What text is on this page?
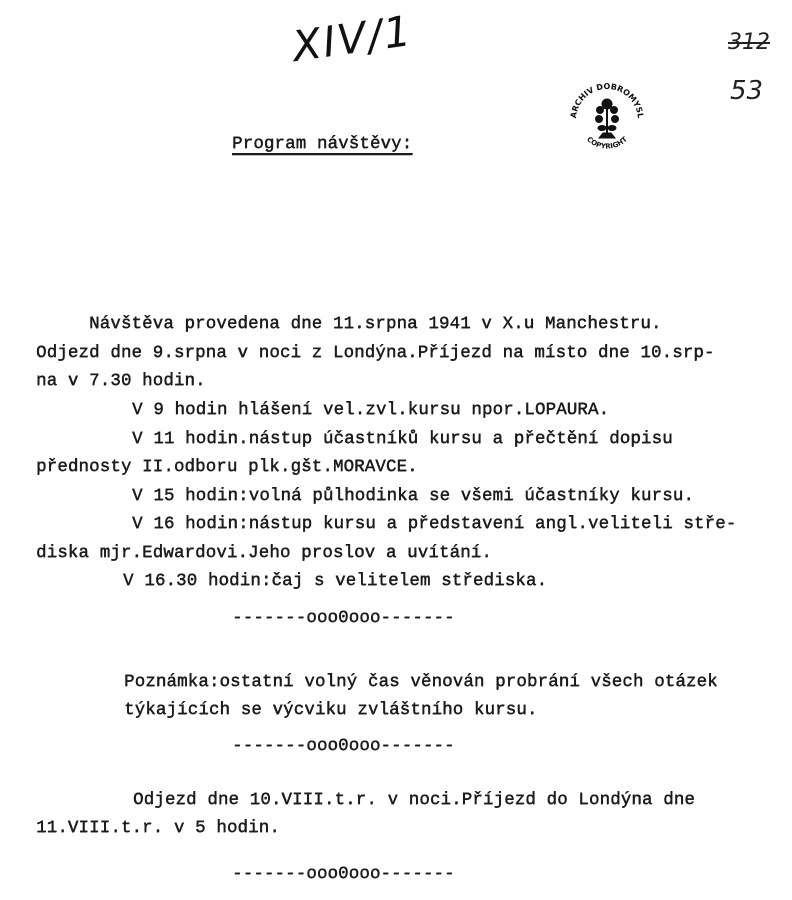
XIV/1	312
53
ARCHIV DOBROMYSL
COPYRIGHT
Program návštěvy:
Návštěva provedena dne 11.srpna 1941 v X.u Manchestru.
Odjezd dne 9.srpna v noci z Londýna.Příjezd na místo dne 10.srp-
na v 7.30 hodin.
V 9 hodin hlášení vel.zvl.kursu npor.LOPAURA.
V 11 hodin.nástup účastníků kursu a přečtění dopisu
přednosty II.odboru plk.gšt.MORAVCE.
V 15 hodin:volná půlhodinka se všemi účastníky kursu.
V 16 hodin:nástup kursu a představení angl.veliteli stře-
diska mjr.Edwardovi.Jeho proslov a uvítání.
V 16.30 hodin:čaj s velitelem střediska.
-------ooo0ooo-------
Poznámka:ostatní volný čas věnován probrání všech otázek
týkajících se výcviku zvláštního kursu.
-------ooo0ooo-------
Odjezd dne 10.VIII.t.r. v noci.Příjezd do Londýna dne
11.VIII.t.r. v 5 hodin.
-------ooo0ooo-------
